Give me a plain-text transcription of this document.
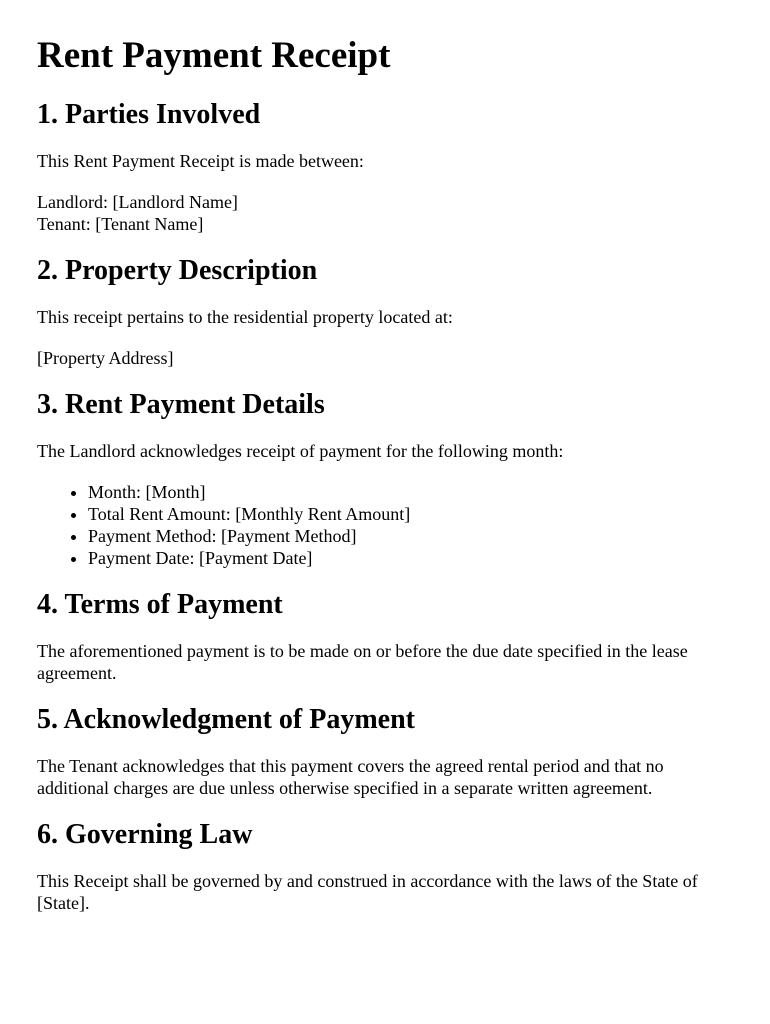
Rent Payment Receipt
1. Parties Involved

This Rent Payment Receipt is made between:

Landlord: [Landlord Name]
Tenant: [Tenant Name]

2. Property Description

This receipt pertains to the residential property located at:

[Property Address]

3. Rent Payment Details

The Landlord acknowledges receipt of payment for the following month:

• Month: [Month]
• Total Rent Amount: [Monthly Rent Amount]
• Payment Method: [Payment Method]
• Payment Date: [Payment Date]
4. Terms of Payment

The aforementioned payment is to be made on or before the due date specified in the lease agreement.

5. Acknowledgment of Payment

The Tenant acknowledges that this payment covers the agreed rental period and that no additional charges are due unless otherwise specified in a separate written agreement.

6. Governing Law

This Receipt shall be governed by and construed in accordance with the laws of the State of [State].
